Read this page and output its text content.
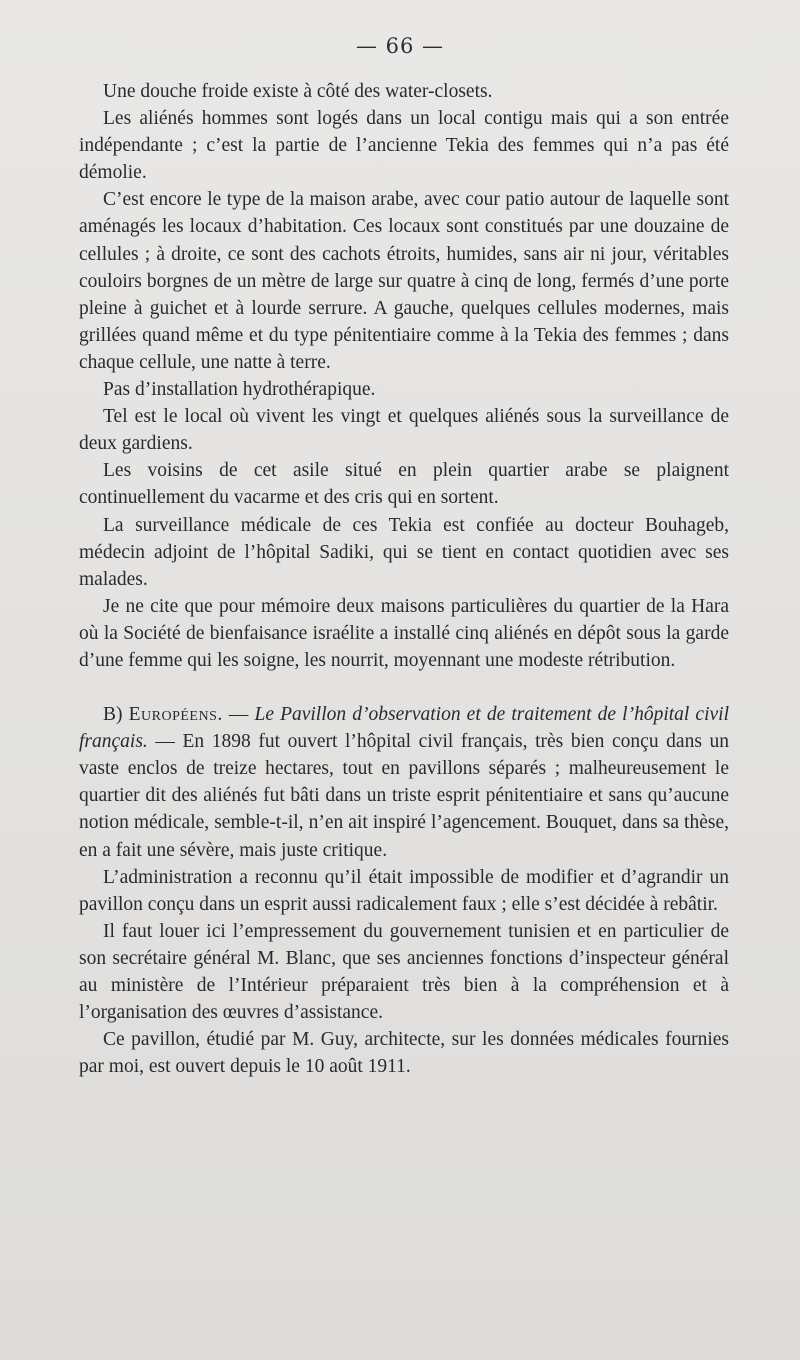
— 66 —

Une douche froide existe à côté des water-closets.

Les aliénés hommes sont logés dans un local contigu mais qui a son entrée indépendante ; c’est la partie de l’ancienne Tekia des femmes qui n’a pas été démolie.

C’est encore le type de la maison arabe, avec cour patio autour de laquelle sont aménagés les locaux d’habitation. Ces locaux sont constitués par une douzaine de cellules ; à droite, ce sont des cachots étroits, humides, sans air ni jour, véritables couloirs borgnes de un mètre de large sur quatre à cinq de long, fermés d’une porte pleine à guichet et à lourde serrure. A gauche, quelques cellules modernes, mais grillées quand même et du type pénitentiaire comme à la Tekia des femmes ; dans chaque cellule, une natte à terre.

Pas d’installation hydrothérapique.

Tel est le local où vivent les vingt et quelques aliénés sous la surveillance de deux gardiens.

Les voisins de cet asile situé en plein quartier arabe se plaignent continuellement du vacarme et des cris qui en sortent.

La surveillance médicale de ces Tekia est confiée au docteur Bouhageb, médecin adjoint de l’hôpital Sadiki, qui se tient en contact quotidien avec ses malades.

Je ne cite que pour mémoire deux maisons particulières du quartier de la Hara où la Société de bienfaisance israélite a installé cinq aliénés en dépôt sous la garde d’une femme qui les soigne, les nourrit, moyennant une modeste rétribution.

B) Européens. — Le Pavillon d’observation et de traitement de l’hôpital civil français. — En 1898 fut ouvert l’hôpital civil français, très bien conçu dans un vaste enclos de treize hectares, tout en pavillons séparés ; malheureusement le quartier dit des aliénés fut bâti dans un triste esprit pénitentiaire et sans qu’aucune notion médicale, semble-t-il, n’en ait inspiré l’agencement. Bouquet, dans sa thèse, en a fait une sévère, mais juste critique.

L’administration a reconnu qu’il était impossible de modifier et d’agrandir un pavillon conçu dans un esprit aussi radicalement faux ; elle s’est décidée à rebâtir.

Il faut louer ici l’empressement du gouvernement tunisien et en particulier de son secrétaire général M. Blanc, que ses anciennes fonctions d’inspecteur général au ministère de l’Intérieur préparaient très bien à la compréhension et à l’organisation des œuvres d’assistance.

Ce pavillon, étudié par M. Guy, architecte, sur les données médicales fournies par moi, est ouvert depuis le 10 août 1911.
